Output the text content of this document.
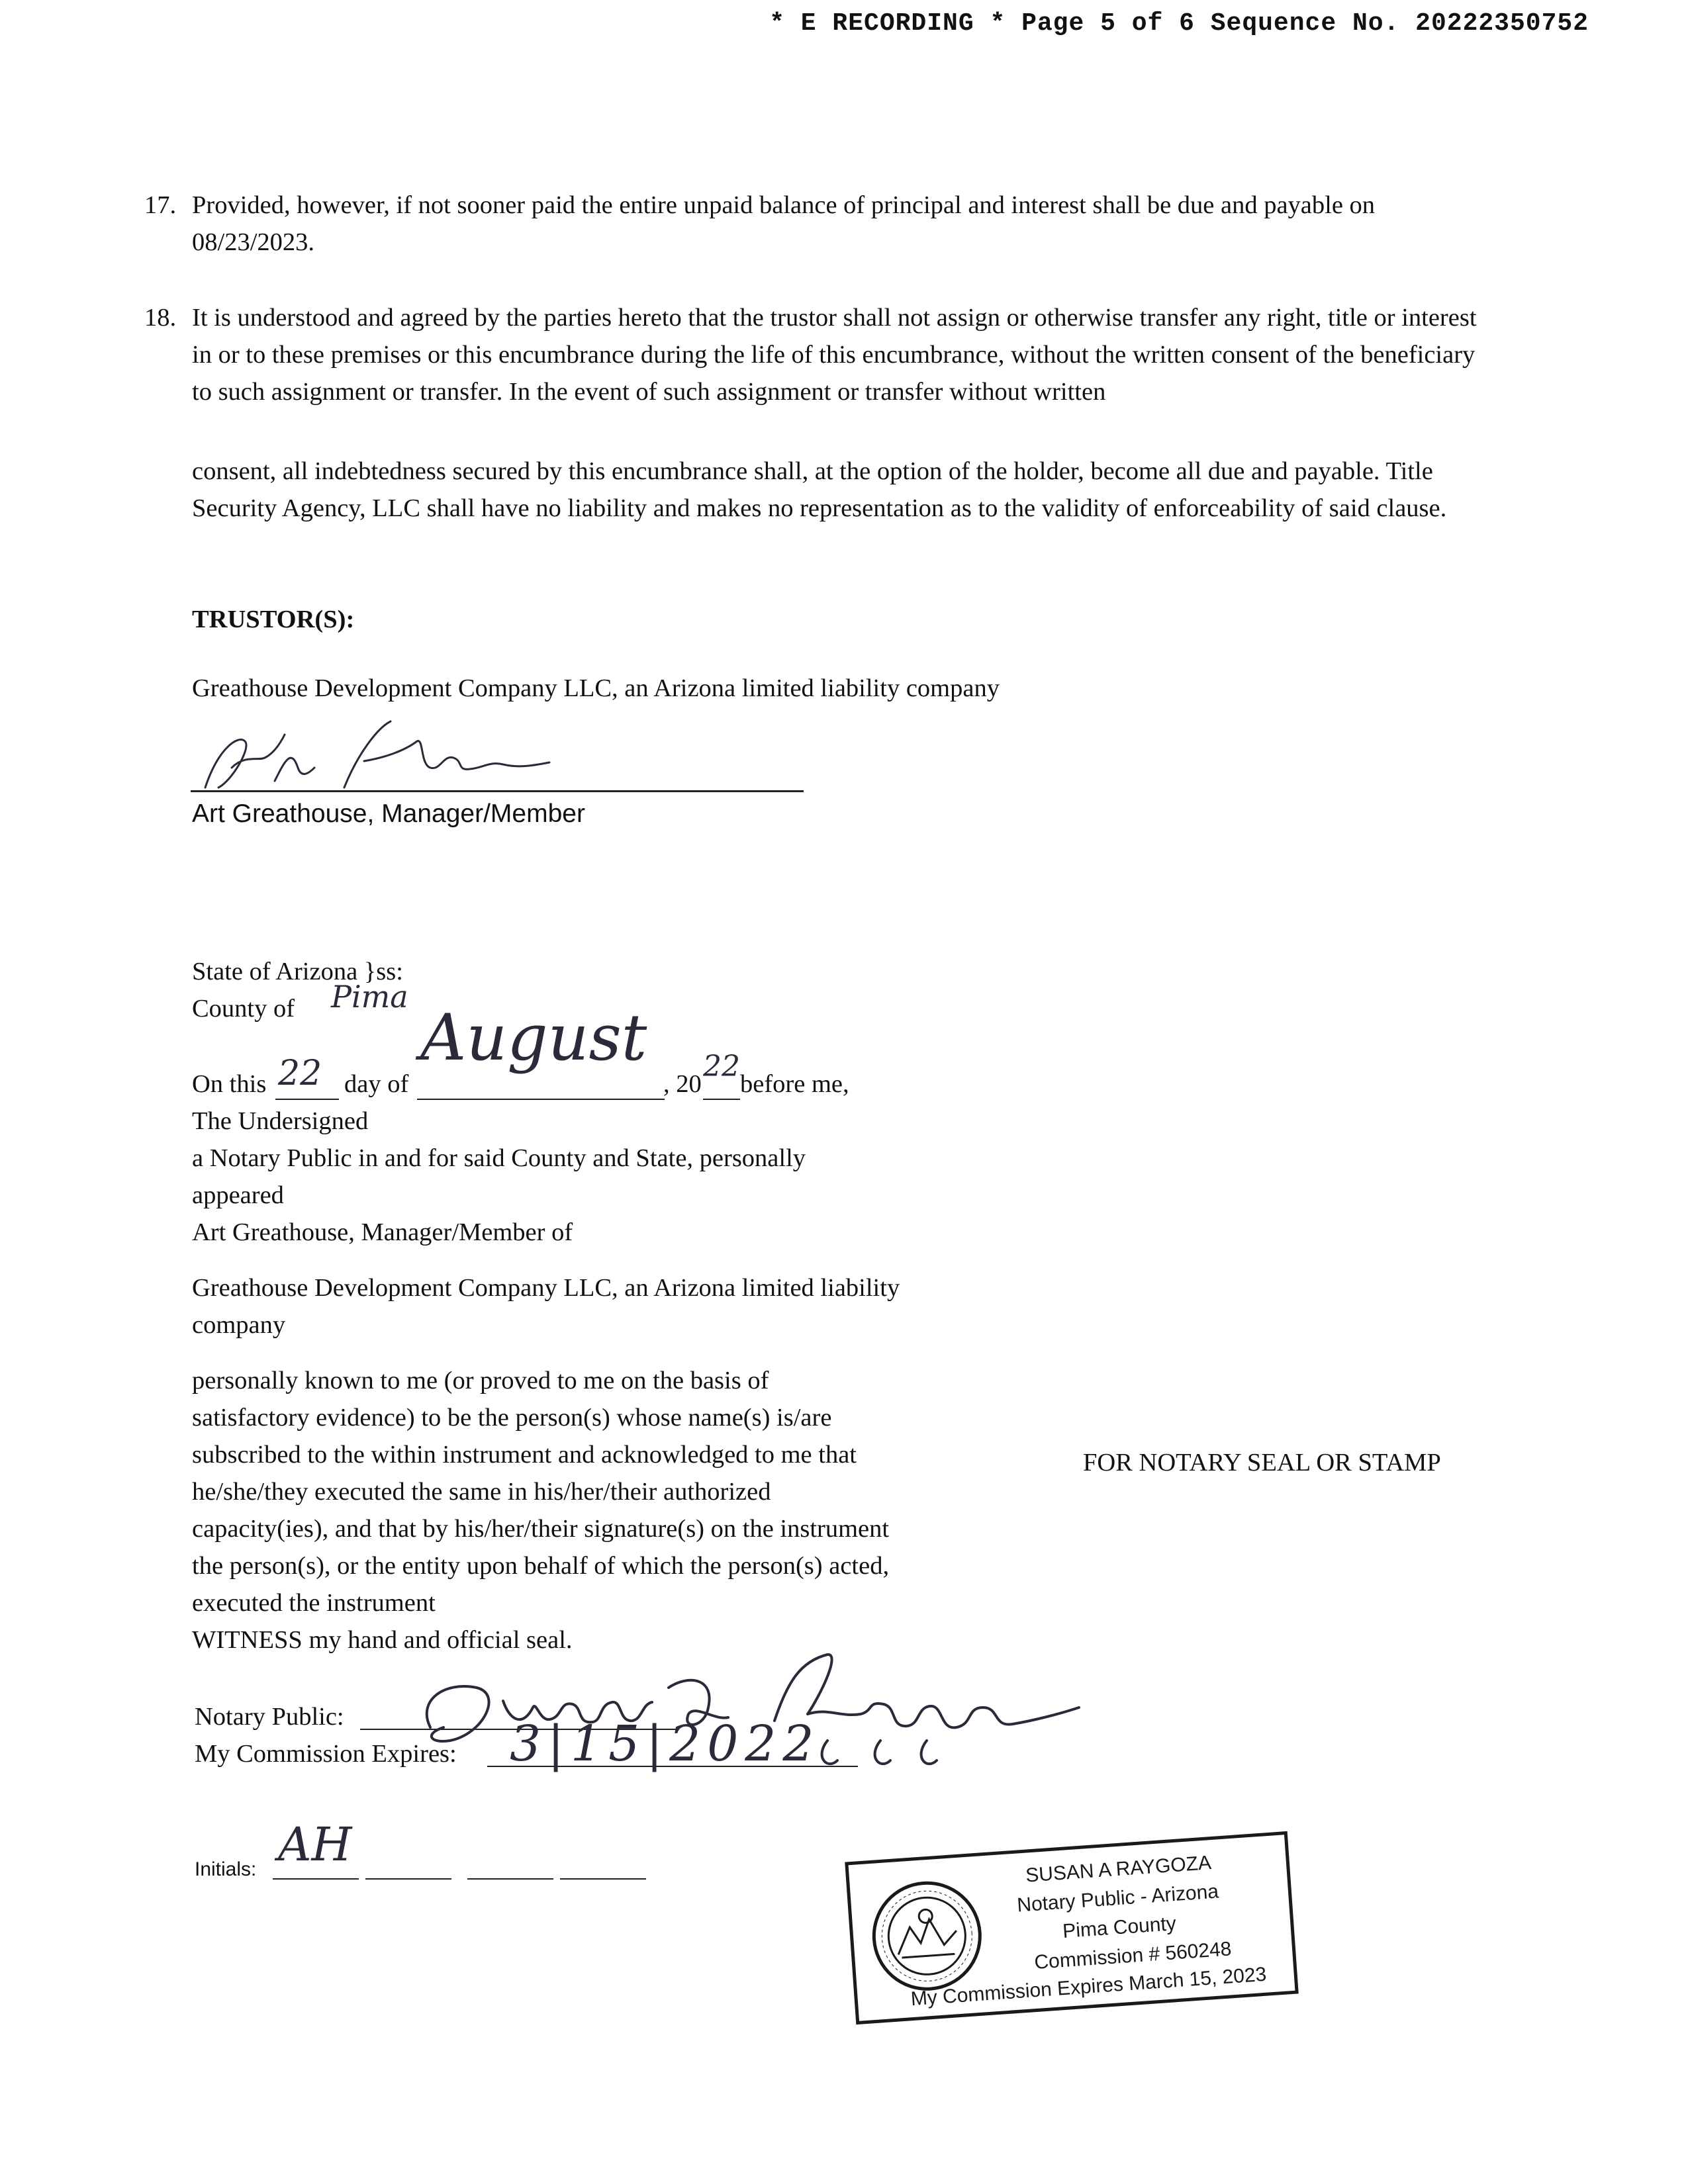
* E RECORDING * Page 5 of 6 Sequence No. 20222350752
17. Provided, however, if not sooner paid the entire unpaid balance of principal and interest shall be due and payable on 08/23/2023.
18. It is understood and agreed by the parties hereto that the trustor shall not assign or otherwise transfer any right, title or interest in or to these premises or this encumbrance during the life of this encumbrance, without the written consent of the beneficiary to such assignment or transfer. In the event of such assignment or transfer without written
consent, all indebtedness secured by this encumbrance shall, at the option of the holder, become all due and payable. Title Security Agency, LLC shall have no liability and makes no representation as to the validity of enforceability of said clause.
TRUSTOR(S):
Greathouse Development Company LLC, an Arizona limited liability company
Art Greathouse, Manager/Member
State of Arizona }ss:
County of Pima
On this 22 day of
August
, 20
22
before me,
The Undersigned
a Notary Public in and for said County and State, personally
appeared
Art Greathouse, Manager/Member of
Greathouse Development Company LLC, an Arizona limited liability
company
personally known to me (or proved to me on the basis of
satisfactory evidence) to be the person(s) whose name(s) is/are
subscribed to the within instrument and acknowledged to me that
he/she/they executed the same in his/her/their authorized
capacity(ies), and that by his/her/their signature(s) on the instrument
the person(s), or the entity upon behalf of which the person(s) acted,
executed the instrument
WITNESS my hand and official seal.
FOR NOTARY SEAL OR STAMP
Notary Public:
My Commission Expires: 3|15|2022
Initials: AH	SUSAN A RAYGOZA
Notary Public - Arizona
Pima County
Commission # 560248
My Commission Expires March 15, 2023
